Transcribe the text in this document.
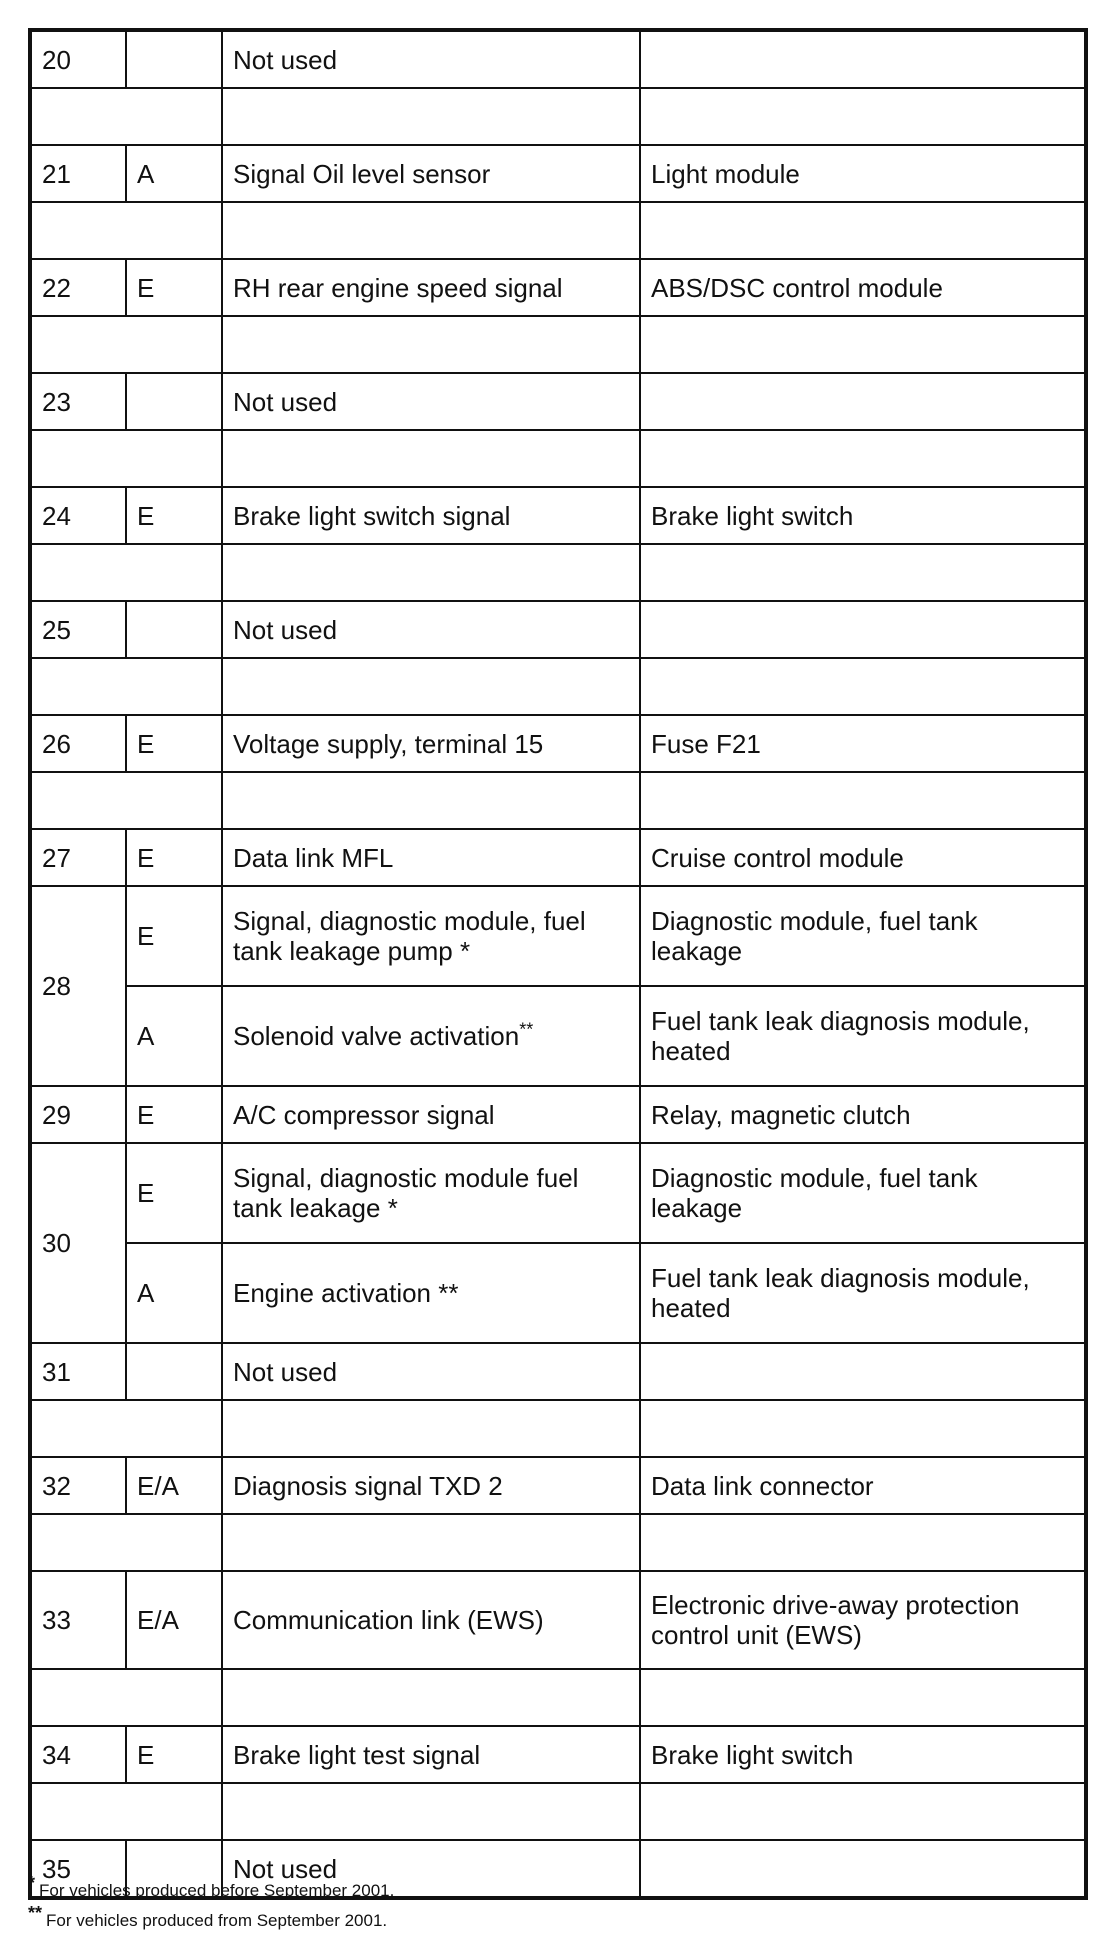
20		Not used	

21	A	Signal Oil level sensor	Light module

22	E	RH rear engine speed signal	ABS/DSC control module

23		Not used	

24	E	Brake light switch signal	Brake light switch

25		Not used	

26	E	Voltage supply, terminal 15	Fuse F21

27	E	Data link MFL	Cruise control module
28	E	Signal, diagnostic module, fuel tank leakage pump *	Diagnostic module, fuel tank leakage
	A	Solenoid valve activation**	Fuel tank leak diagnosis module, heated
29	E	A/C compressor signal	Relay, magnetic clutch
30	E	Signal, diagnostic module fuel tank leakage *	Diagnostic module, fuel tank leakage
	A	Engine activation **	Fuel tank leak diagnosis module, heated
31		Not used	

32	E/A	Diagnosis signal TXD 2	Data link connector

33	E/A	Communication link (EWS)	Electronic drive-away protection control unit (EWS)

34	E	Brake light test signal	Brake light switch

35		Not used	
* For vehicles produced before September 2001.
** For vehicles produced from September 2001.
